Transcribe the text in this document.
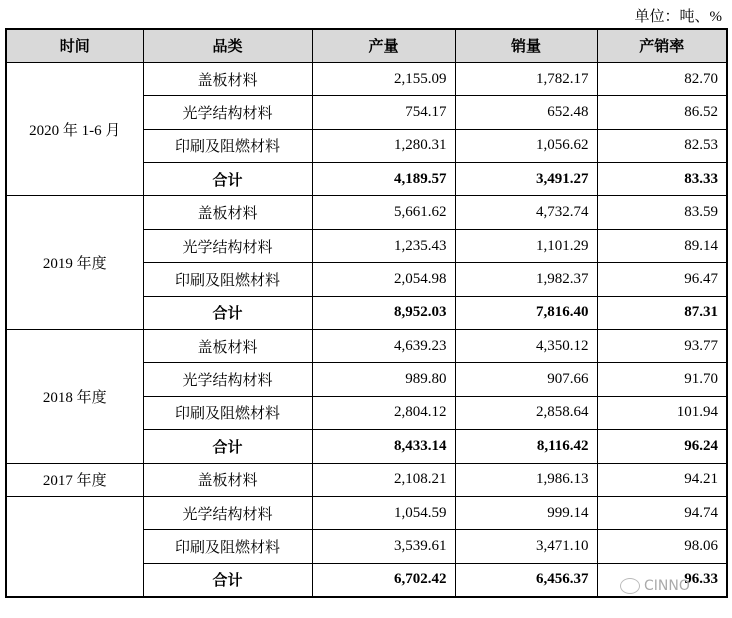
单位：吨、%
时间	品类	产量	销量	产销率
2020 年 1-6 月	盖板材料	2,155.09	1,782.17	82.70
	光学结构材料	754.17	652.48	86.52
	印刷及阻燃材料	1,280.31	1,056.62	82.53
	合计	4,189.57	3,491.27	83.33
2019 年度	盖板材料	5,661.62	4,732.74	83.59
	光学结构材料	1,235.43	1,101.29	89.14
	印刷及阻燃材料	2,054.98	1,982.37	96.47
	合计	8,952.03	7,816.40	87.31
2018 年度	盖板材料	4,639.23	4,350.12	93.77
	光学结构材料	989.80	907.66	91.70
	印刷及阻燃材料	2,804.12	2,858.64	101.94
	合计	8,433.14	8,116.42	96.24
2017 年度	盖板材料	2,108.21	1,986.13	94.21
	光学结构材料	1,054.59	999.14	94.74
	印刷及阻燃材料	3,539.61	3,471.10	98.06
	合计	6,702.42	6,456.37	96.33
CINNO
